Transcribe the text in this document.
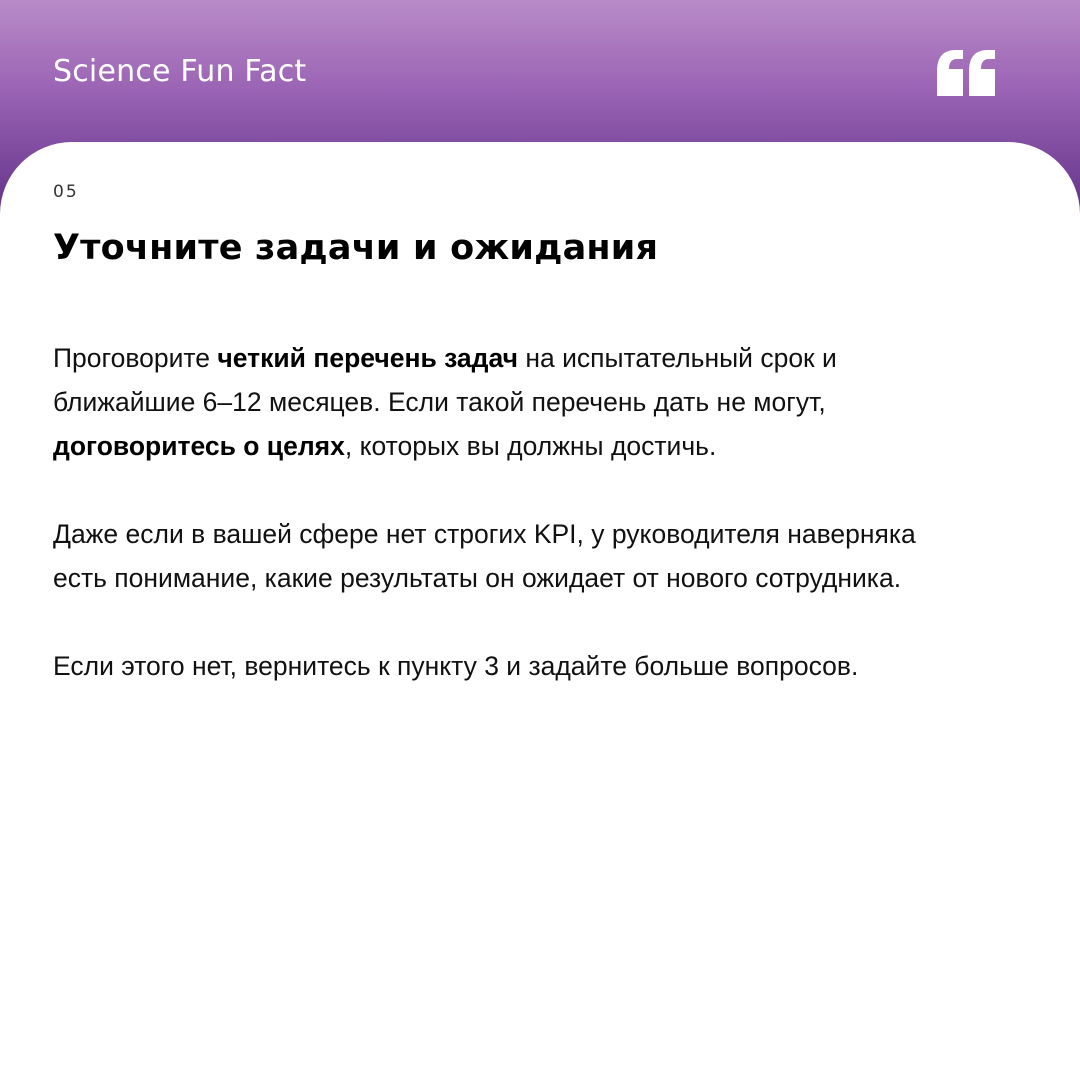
Science Fun Fact
05
Уточните задачи и ожидания

Проговорите четкий перечень задач на испытательный срок и
ближайшие 6–12 месяцев. Если такой перечень дать не могут,
договоритесь о целях, которых вы должны достичь.

Даже если в вашей сфере нет строгих KPI, у руководителя наверняка
есть понимание, какие результаты он ожидает от нового сотрудника.

Если этого нет, вернитесь к пункту 3 и задайте больше вопросов.
